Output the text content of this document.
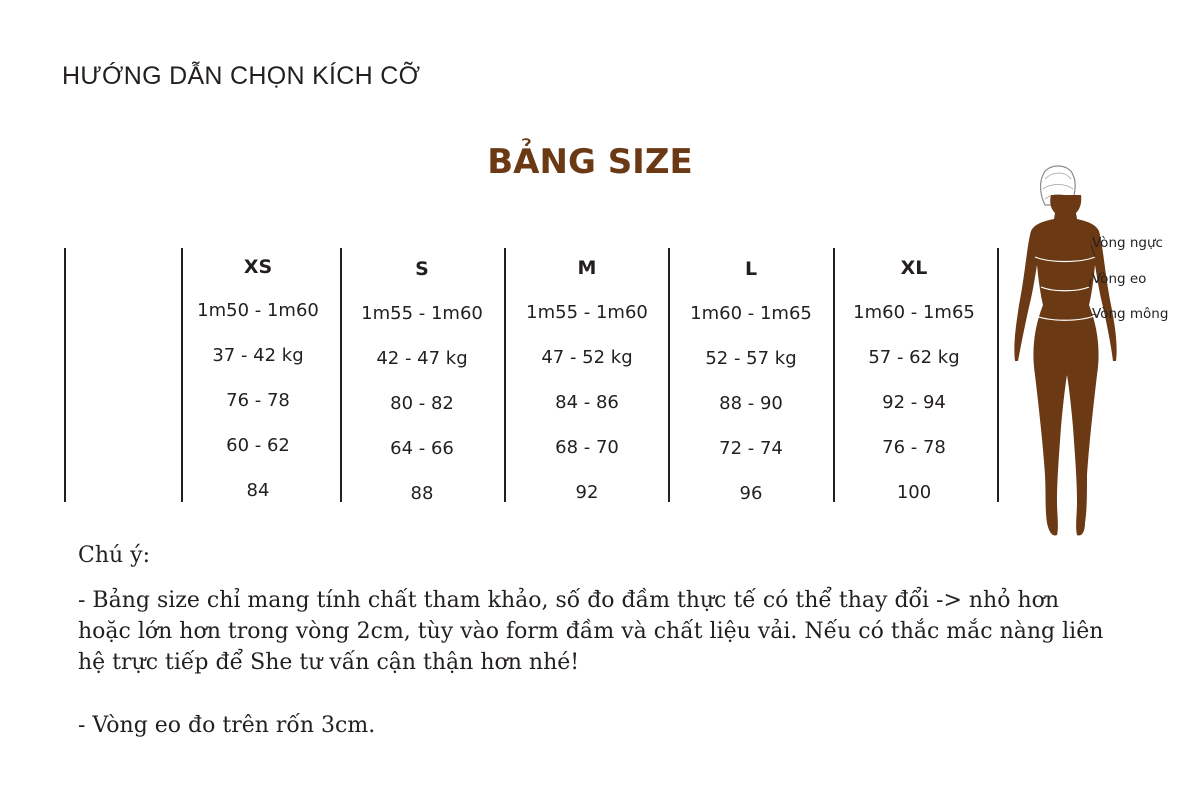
HƯỚNG DẪN CHỌN KÍCH CỠ
BẢNG SIZE
XS
1m50 - 1m60
37 - 42 kg
76 - 78
60 - 62
84
S
1m55 - 1m60
42 - 47 kg
80 - 82
64 - 66
88
M
1m55 - 1m60
47 - 52 kg
84 - 86
68 - 70
92
L
1m60 - 1m65
52 - 57 kg
88 - 90
72 - 74
96
XL
1m60 - 1m65
57 - 62 kg
92 - 94
76 - 78
100
Vòng ngực
Vòng eo
Vòng mông
Chú ý:
- Bảng size chỉ mang tính chất tham khảo, số đo đầm thực tế có thể thay đổi -> nhỏ hơn hoặc lớn hơn trong vòng 2cm, tùy vào form đầm và chất liệu vải. Nếu có thắc mắc nàng liên hệ trực tiếp để She tư vấn cận thận hơn nhé!
- Vòng eo đo trên rốn 3cm.
